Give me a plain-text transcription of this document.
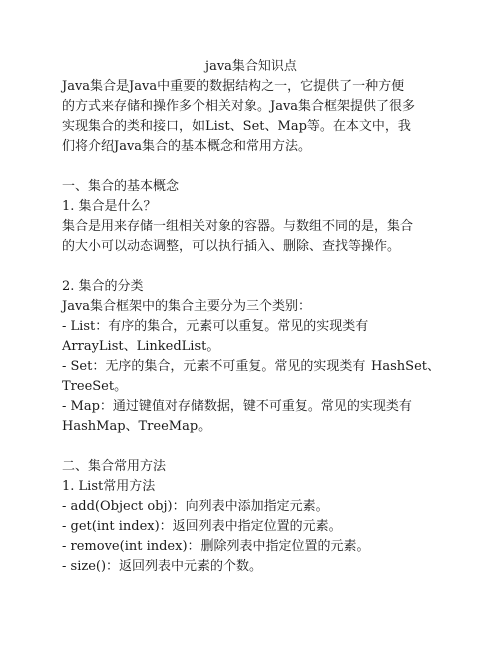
java集合知识点
Java集合是Java中重要的数据结构之一，它提供了一种方便
的方式来存储和操作多个相关对象。Java集合框架提供了很多
实现集合的类和接口，如List、Set、Map等。在本文中，我
们将介绍Java集合的基本概念和常用方法。
一、集合的基本概念
1. 集合是什么？
集合是用来存储一组相关对象的容器。与数组不同的是，集合
的大小可以动态调整，可以执行插入、删除、查找等操作。
2. 集合的分类
Java集合框架中的集合主要分为三个类别：
- List：有序的集合，元素可以重复。常见的实现类有
ArrayList、LinkedList。
- Set：无序的集合，元素不可重复。常见的实现类有 HashSet、
TreeSet。
- Map：通过键值对存储数据，键不可重复。常见的实现类有
HashMap、TreeMap。
二、集合常用方法
1. List常用方法
- add(Object obj)：向列表中添加指定元素。
- get(int index)：返回列表中指定位置的元素。
- remove(int index)：删除列表中指定位置的元素。
- size()：返回列表中元素的个数。
